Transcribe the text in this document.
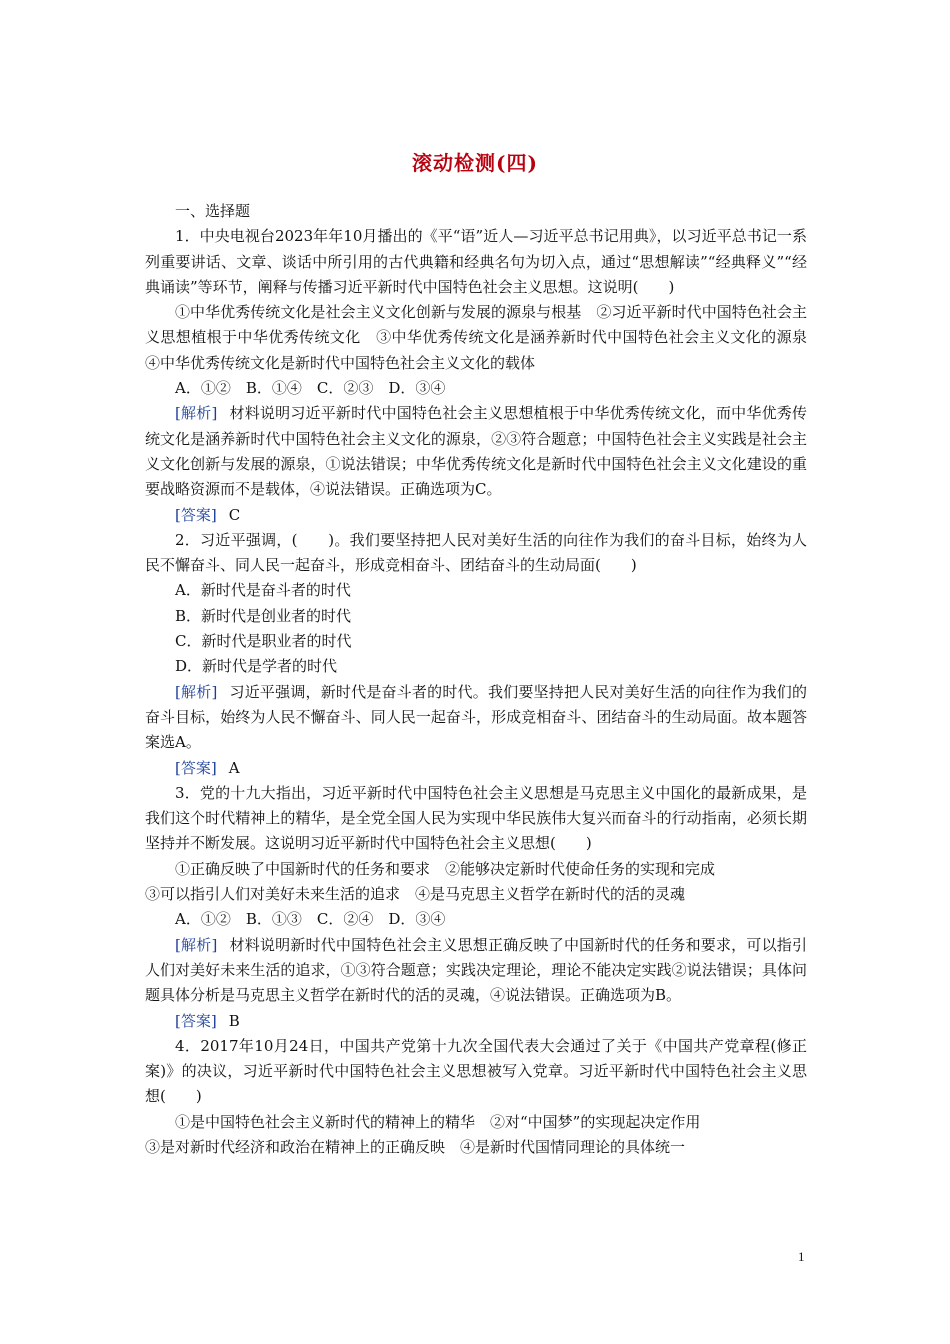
滚动检测(四)

一、选择题

1．中央电视台2023年年10月播出的《平“语”近人—习近平总书记用典》，以习近平总书记一系列重要讲话、文章、谈话中所引用的古代典籍和经典名句为切入点，通过“思想解读”“经典释义”“经典诵读”等环节，阐释与传播习近平新时代中国特色社会主义思想。这说明(　　)

①中华优秀传统文化是社会主义文化创新与发展的源泉与根基　②习近平新时代中国特色社会主义思想植根于中华优秀传统文化　③中华优秀传统文化是涵养新时代中国特色社会主义文化的源泉　④中华优秀传统文化是新时代中国特色社会主义文化的载体

A．①②　B．①④　C．②③　D．③④

[解析] 材料说明习近平新时代中国特色社会主义思想植根于中华优秀传统文化，而中华优秀传统文化是涵养新时代中国特色社会主义文化的源泉，②③符合题意；中国特色社会主义实践是社会主义文化创新与发展的源泉，①说法错误；中华优秀传统文化是新时代中国特色社会主义文化建设的重要战略资源而不是载体，④说法错误。正确选项为C。

[答案] C

2．习近平强调，(　　)。我们要坚持把人民对美好生活的向往作为我们的奋斗目标，始终为人民不懈奋斗、同人民一起奋斗，形成竞相奋斗、团结奋斗的生动局面(　　)

A．新时代是奋斗者的时代

B．新时代是创业者的时代

C．新时代是职业者的时代

D．新时代是学者的时代

[解析] 习近平强调，新时代是奋斗者的时代。我们要坚持把人民对美好生活的向往作为我们的奋斗目标，始终为人民不懈奋斗、同人民一起奋斗，形成竞相奋斗、团结奋斗的生动局面。故本题答案选A。

[答案] A

3．党的十九大指出，习近平新时代中国特色社会主义思想是马克思主义中国化的最新成果，是我们这个时代精神上的精华，是全党全国人民为实现中华民族伟大复兴而奋斗的行动指南，必须长期坚持并不断发展。这说明习近平新时代中国特色社会主义思想(　　)

①正确反映了中国新时代的任务和要求　②能够决定新时代使命任务的实现和完成

③可以指引人们对美好未来生活的追求　④是马克思主义哲学在新时代的活的灵魂

A．①②　B．①③　C．②④　D．③④

[解析] 材料说明新时代中国特色社会主义思想正确反映了中国新时代的任务和要求，可以指引人们对美好未来生活的追求，①③符合题意；实践决定理论，理论不能决定实践②说法错误；具体问题具体分析是马克思主义哲学在新时代的活的灵魂，④说法错误。正确选项为B。

[答案] B

4．2017年10月24日，中国共产党第十九次全国代表大会通过了关于《中国共产党章程(修正案)》的决议，习近平新时代中国特色社会主义思想被写入党章。习近平新时代中国特色社会主义思想(　　)

①是中国特色社会主义新时代的精神上的精华　②对“中国梦”的实现起决定作用

③是对新时代经济和政治在精神上的正确反映　④是新时代国情同理论的具体统一

1
